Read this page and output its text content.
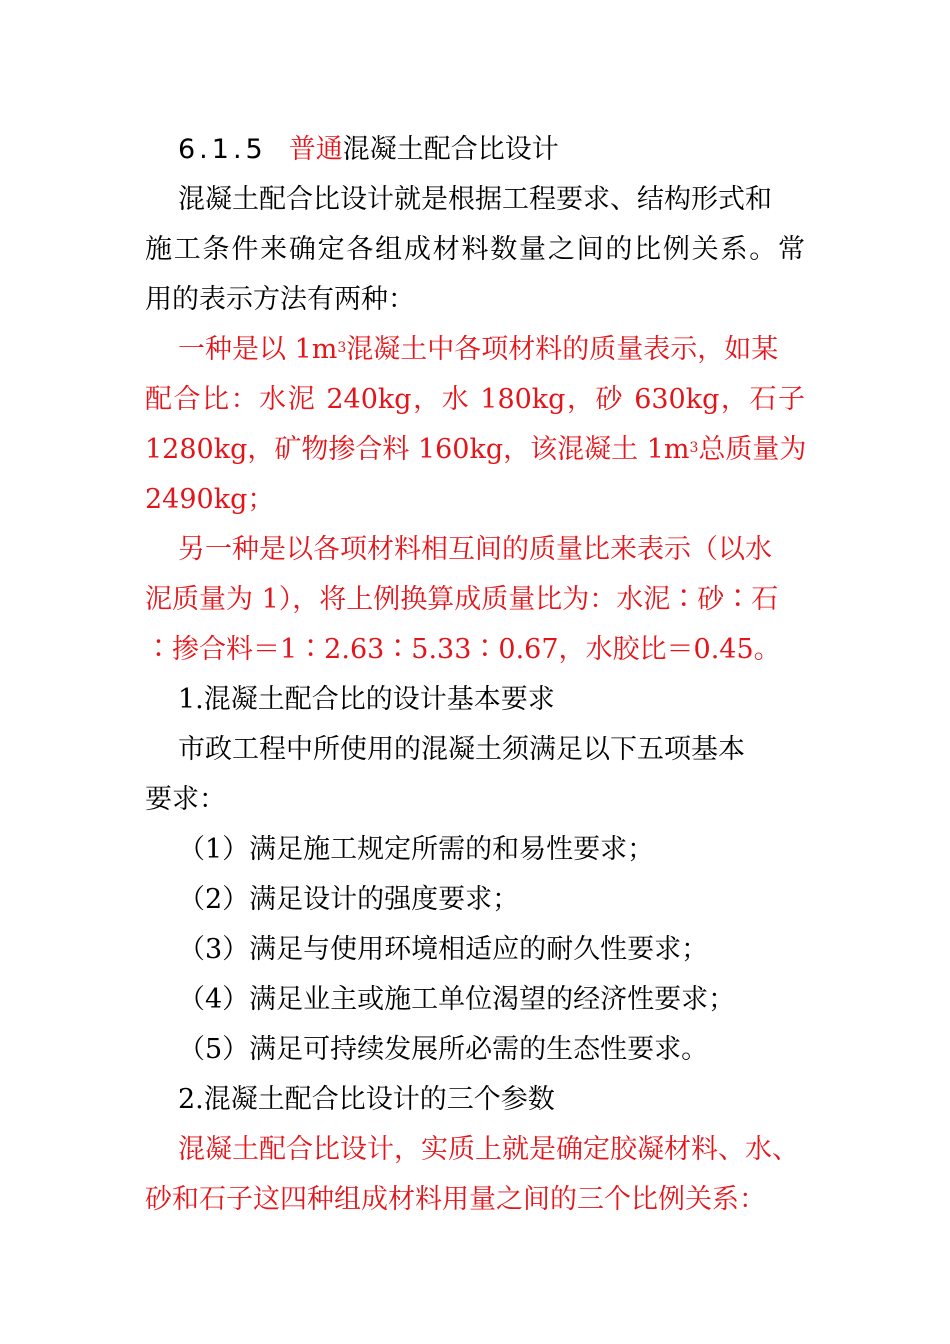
6.1.5 普通混凝土配合比设计

混凝土配合比设计就是根据工程要求、结构形式和

施工条件来确定各组成材料数量之间的比例关系。常

用的表示方法有两种：

一种是以 $1m^3$混凝土中各项材料的质量表示，如某

配合比：水泥 240kg，水 180kg，砂 630kg，石子

1280kg，矿物掺合料 160kg，该混凝土 $1m^3$总质量为

2490kg；

另一种是以各项材料相互间的质量比来表示（以水

泥质量为 1），将上例换算成质量比为：水泥∶砂∶石

∶掺合料＝1∶2.63∶5.33∶0.67，水胶比＝0.45。

1.混凝土配合比的设计基本要求

市政工程中所使用的混凝土须满足以下五项基本

要求：

（1）满足施工规定所需的和易性要求；

（2）满足设计的强度要求；

（3）满足与使用环境相适应的耐久性要求；

（4）满足业主或施工单位渴望的经济性要求；

（5）满足可持续发展所必需的生态性要求。

2.混凝土配合比设计的三个参数

混凝土配合比设计，实质上就是确定胶凝材料、水、

砂和石子这四种组成材料用量之间的三个比例关系：
